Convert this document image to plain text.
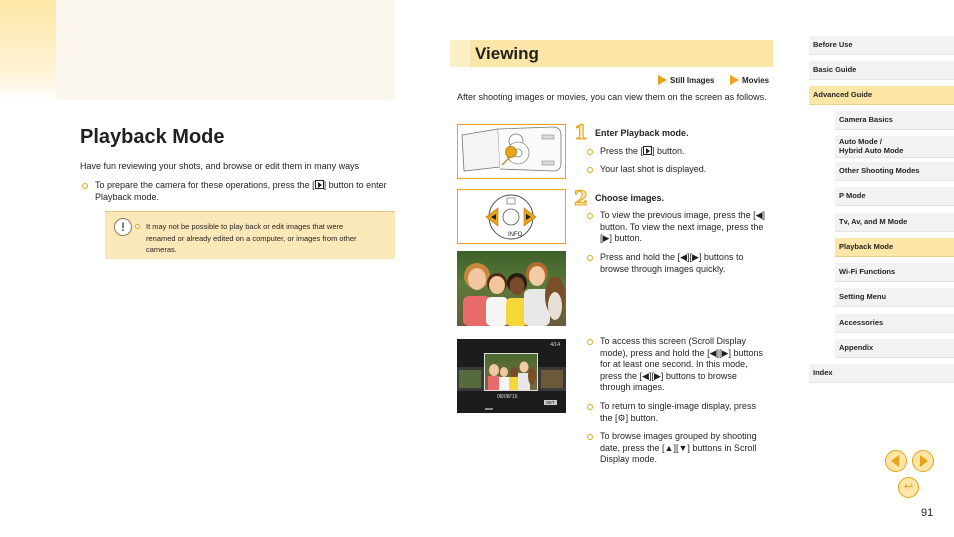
Playback Mode
Have fun reviewing your shots, and browse or edit them in many ways
To prepare the camera for these operations, press the [ ] button to enter Playback mode.
!	It may not be possible to play back or edit images that were
renamed or already edited on a computer, or images from other
cameras.
Viewing
Still Images	Movies
After shooting images or movies, you can view them on the screen as follows.
INFO
4/14
08/08/'15
SET
1 Enter Playback mode.
Press the [ ] button.
Your last shot is displayed.
2 Choose images.
To view the previous image, press the [◀]
button. To view the next image, press the
[▶] button.
Press and hold the [◀][▶] buttons to
browse through images quickly.
To access this screen (Scroll Display
mode), press and hold the [◀][▶] buttons
for at least one second. In this mode,
press the [◀][▶] buttons to browse
through images.
To return to single-image display, press
the [⚙] button.
To browse images grouped by shooting
date, press the [▲][▼] buttons in Scroll
Display mode.
Before Use
Basic Guide
Advanced Guide
Camera Basics
Auto Mode /
Hybrid Auto Mode
Other Shooting Modes
P Mode
Tv, Av, and M Mode
Playback Mode
Wi-Fi Functions
Setting Menu
Accessories
Appendix
Index
↩
91
